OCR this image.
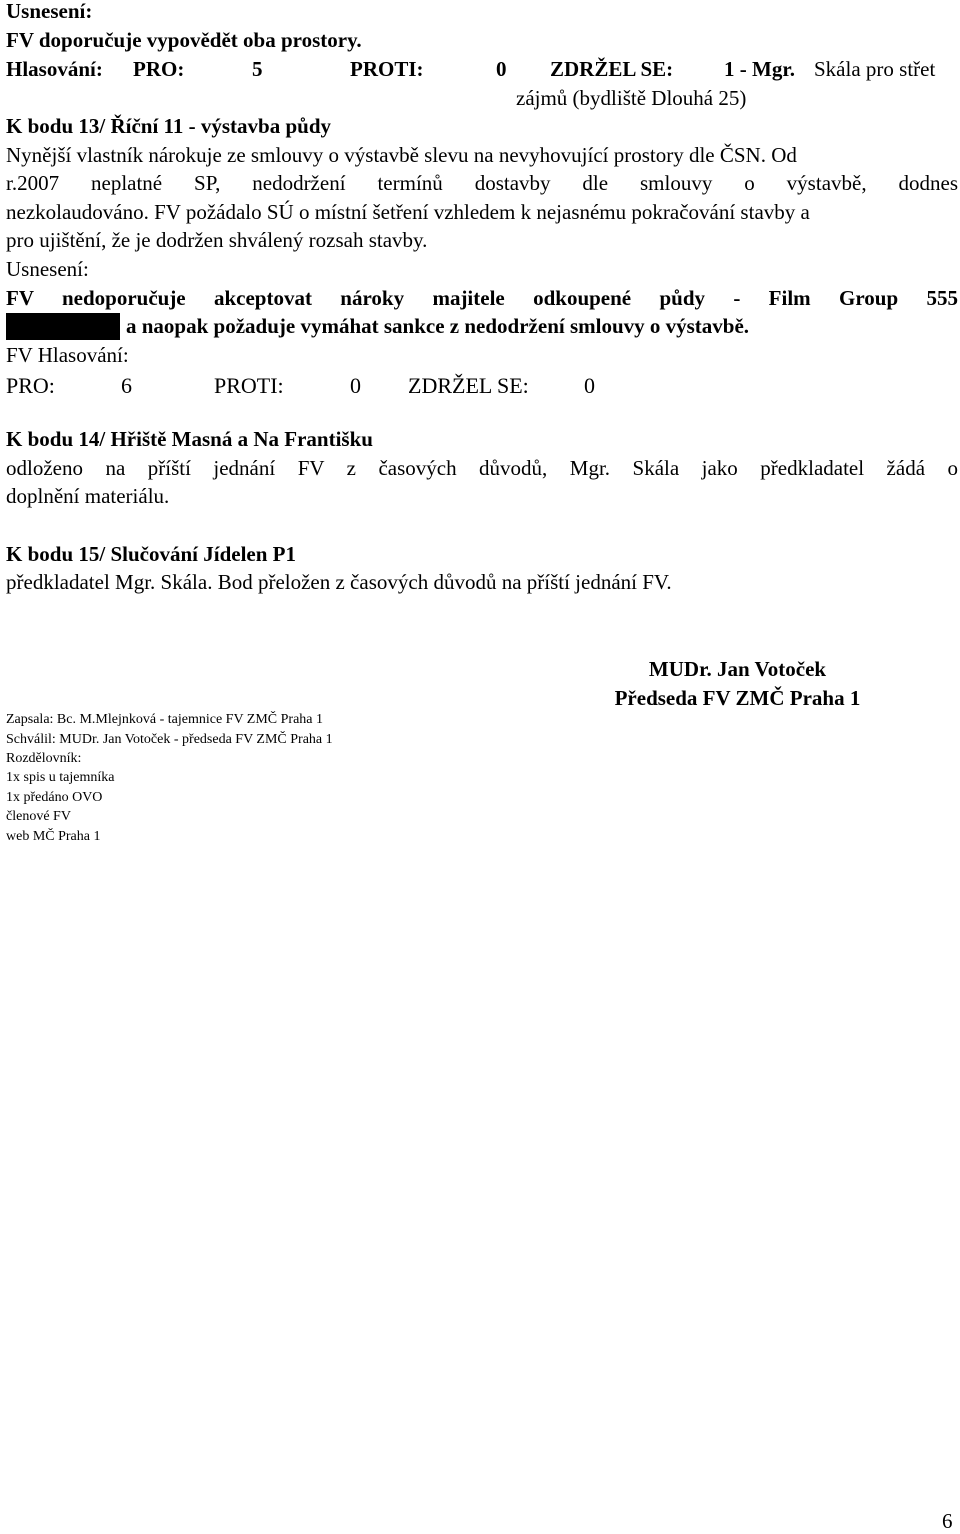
Usnesení:
FV doporučuje vypovědět oba prostory.
Hlasování: PRO:	5	PROTI:	0 ZDRŽEL SE: 1 - Mgr. Skála pro střet
zájmů (bydliště Dlouhá 25)
K bodu 13/ Říční 11 - výstavba půdy
Nynější vlastník nárokuje ze smlouvy o výstavbě slevu na nevyhovující prostory dle ČSN. Od
r.2007 neplatné SP, nedodržení termínů dostavby dle smlouvy o výstavbě, dodnes
nezkolaudováno. FV požádalo SÚ o místní šetření vzhledem k nejasnému pokračování stavby a
pro ujištění, že je dodržen shválený rozsah stavby.
Usnesení:
FV nedoporučuje akceptovat nároky majitele odkoupené půdy - Film Group 555
a naopak požaduje vymáhat sankce z nedodržení smlouvy o výstavbě.
FV Hlasování:
PRO:	6	PROTI:	0 ZDRŽEL SE:	0
K bodu 14/ Hřiště Masná a Na Františku
odloženo na příští jednání FV z časových důvodů, Mgr. Skála jako předkladatel žádá o
doplnění materiálu.
K bodu 15/ Slučování Jídelen P1
předkladatel Mgr. Skála. Bod přeložen z časových důvodů na příští jednání FV.
MUDr. Jan Votoček
Předseda FV ZMČ Praha 1
Zapsala: Bc. M.Mlejnková - tajemnice FV ZMČ Praha 1
Schválil: MUDr. Jan Votoček - předseda FV ZMČ Praha 1
Rozdělovník:
1x spis u tajemníka
1x předáno OVO
členové FV
web MČ Praha 1
6
